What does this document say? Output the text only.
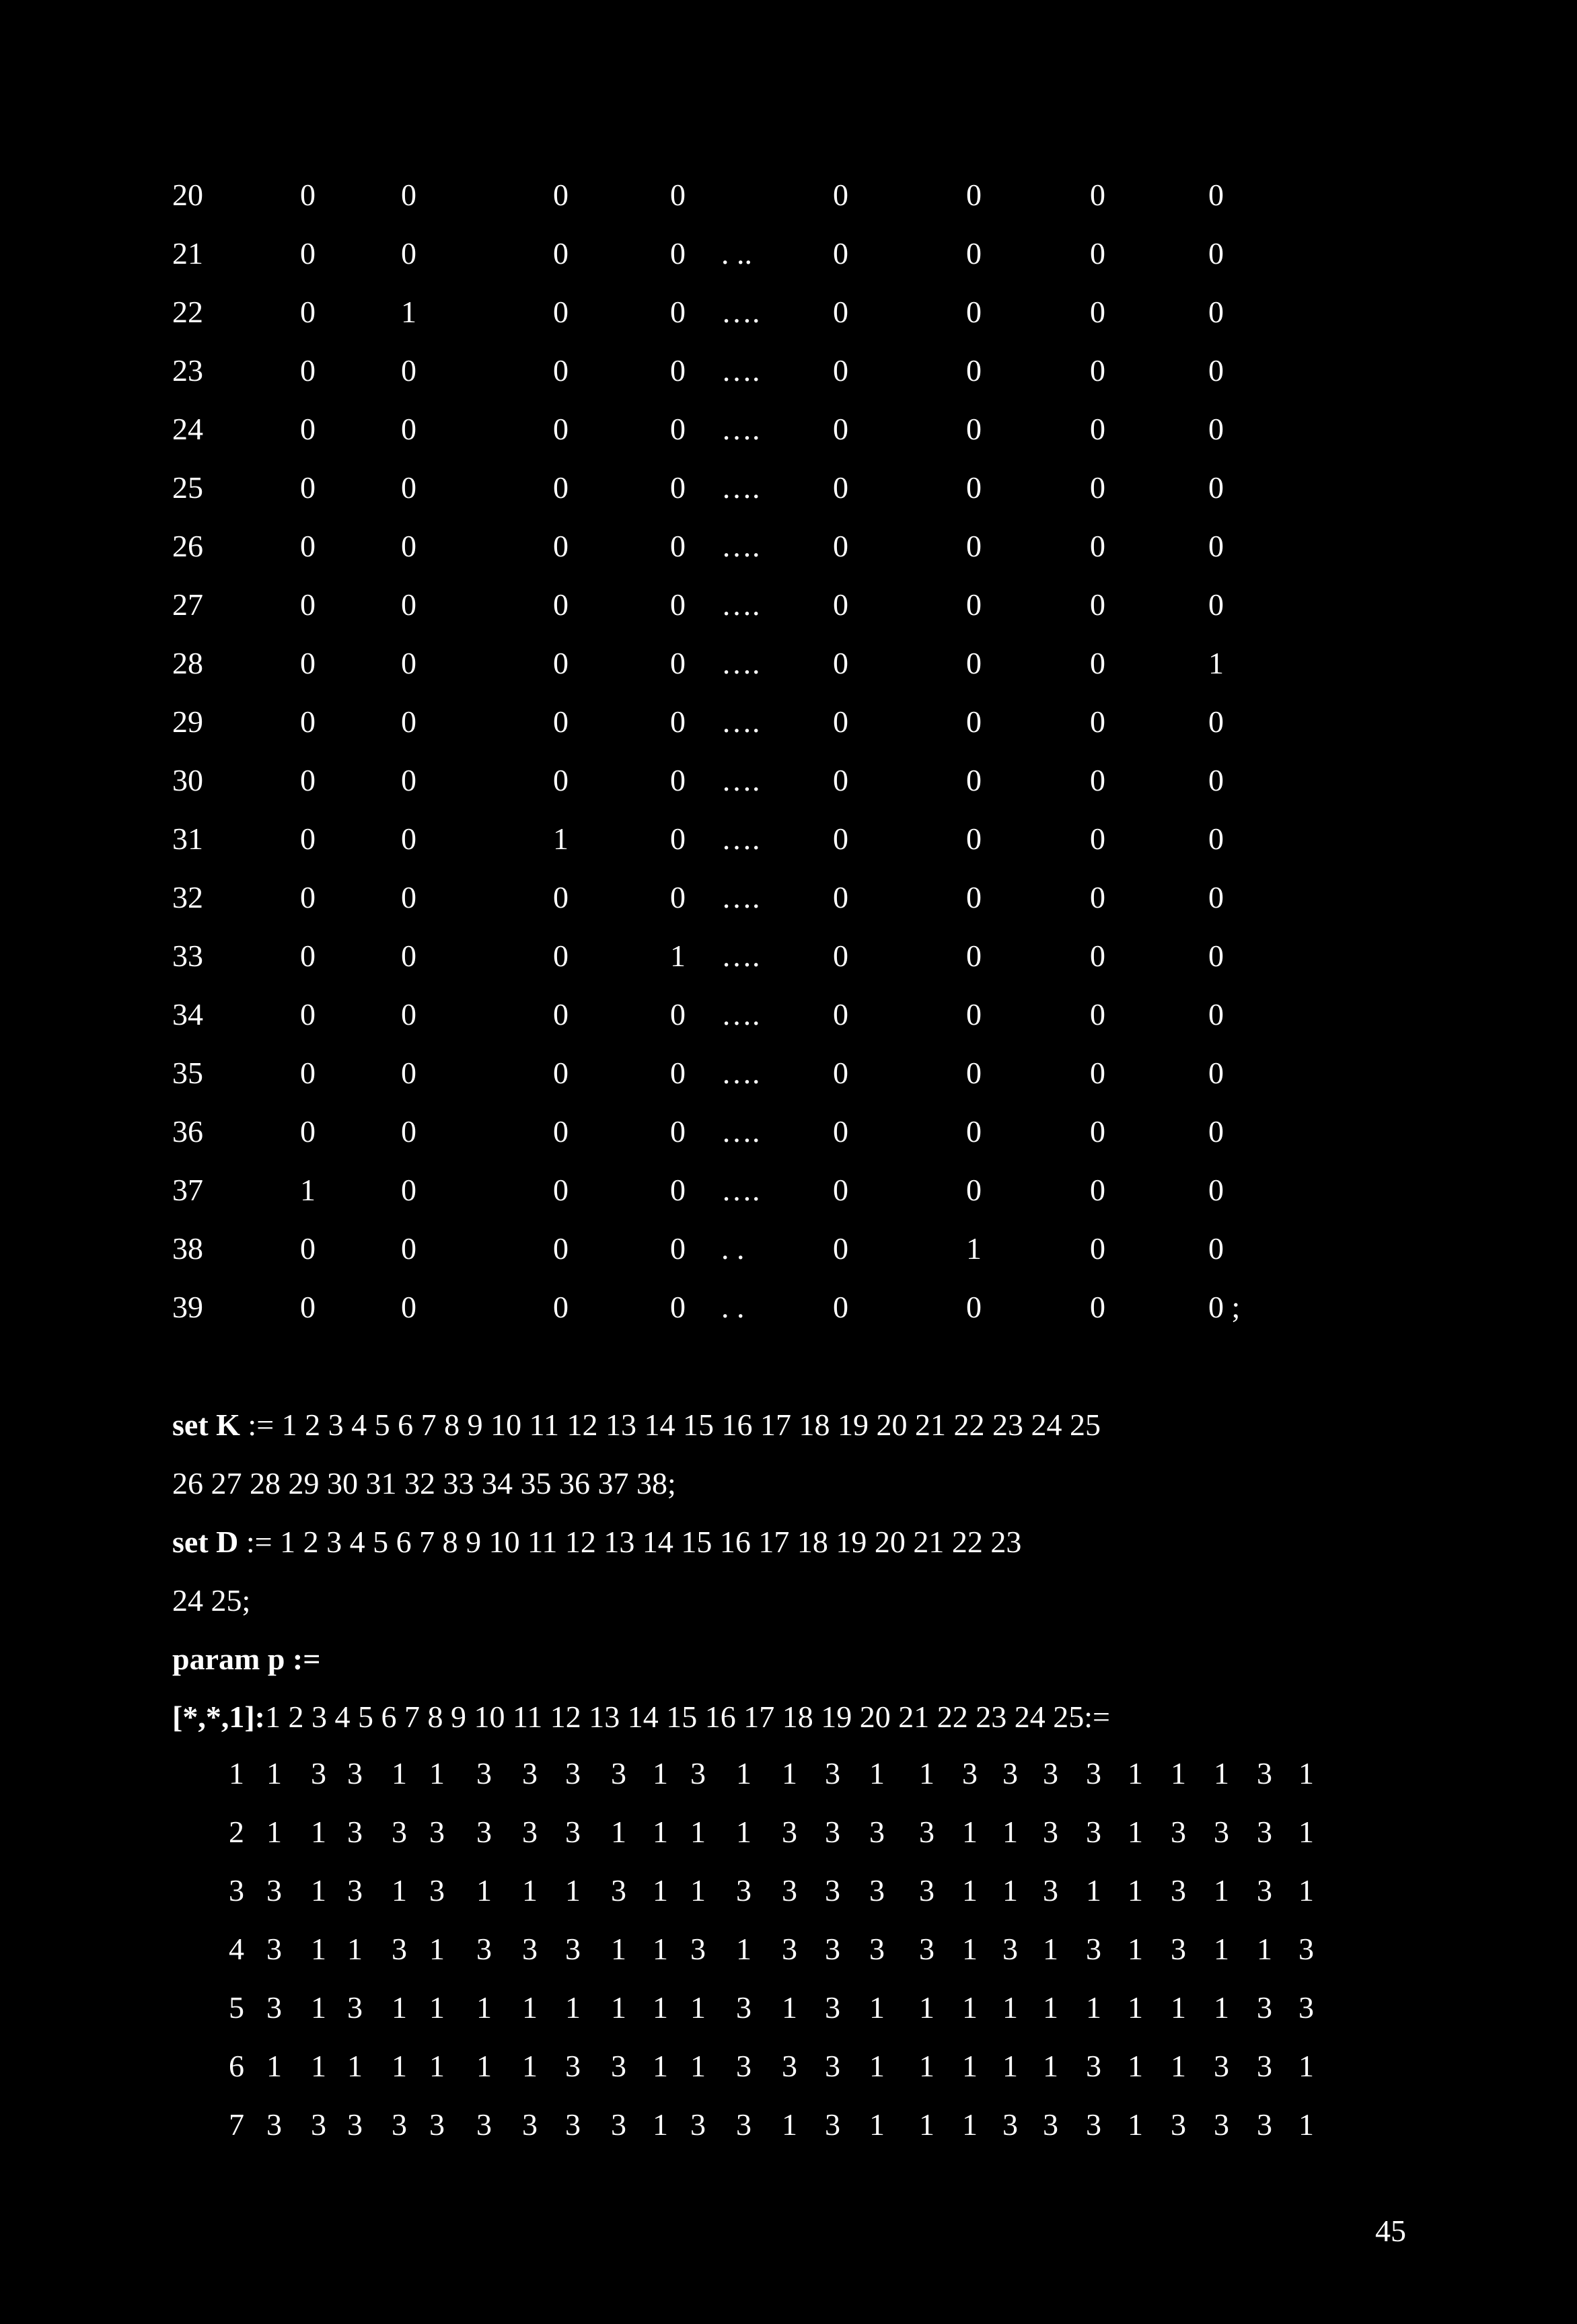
20	0	0	0	0	0	0	0	0
21	0	0	0	0 . ..	0	0	0	0
22	0	1	0	0 …. 0	0	0	0
23	0	0	0	0 …. 0	0	0	0
24	0	0	0	0 …. 0	0	0	0
25	0	0	0	0 …. 0	0	0	0
26	0	0	0	0 …. 0	0	0	0
27	0	0	0	0 …. 0	0	0	0
28	0	0	0	0 …. 0	0	0	1
29	0	0	0	0 …. 0	0	0	0
30	0	0	0	0 …. 0	0	0	0
31	0	0	1	0 …. 0	0	0	0
32	0	0	0	0 …. 0	0	0	0
33	0	0	0	1 …. 0	0	0	0
34	0	0	0	0 …. 0	0	0	0
35	0	0	0	0 …. 0	0	0	0
36	0	0	0	0 …. 0	0	0	0
37	1	0	0	0 …. 0	0	0	0
38	0	0	0	0 . .	0	1	0	0
39	0	0	0	0 . .	0	0	0	0 ;
set K := 1 2 3 4 5 6 7 8 9 10 11 12 13 14 15 16 17 18 19 20 21 22 23 24 25
26 27 28 29 30 31 32 33 34 35 36 37 38;
set D := 1 2 3 4 5 6 7 8 9 10 11 12 13 14 15 16 17 18 19 20 21 22 23
24 25;
param p :=
[*,*,1]:1 2 3 4 5 6 7 8 9 10 11 12 13 14 15 16 17 18 19 20 21 22 23 24 25:=
1 1 3 3 1 1 3 3 3 3 1 3 1 1 3 1 1 3 3 3 3 1 1 1 3 1
2 1 1 3 3 3 3 3 3 1 1 1 1 3 3 3 3 1 1 3 3 1 3 3 3 1
3 3 1 3 1 3 1 1 1 3 1 1 3 3 3 3 3 1 1 3 1 1 3 1 3 1
4 3 1 1 3 1 3 3 3 1 1 3 1 3 3 3 3 1 3 1 3 1 3 1 1 3
5 3 1 3 1 1 1 1 1 1 1 1 3 1 3 1 1 1 1 1 1 1 1 1 3 3
6 1 1 1 1 1 1 1 3 3 1 1 3 3 3 1 1 1 1 1 3 1 1 3 3 1
7 3 3 3 3 3 3 3 3 3 1 3 3 1 3 1 1 1 3 3 3 1 3 3 3 1
45
